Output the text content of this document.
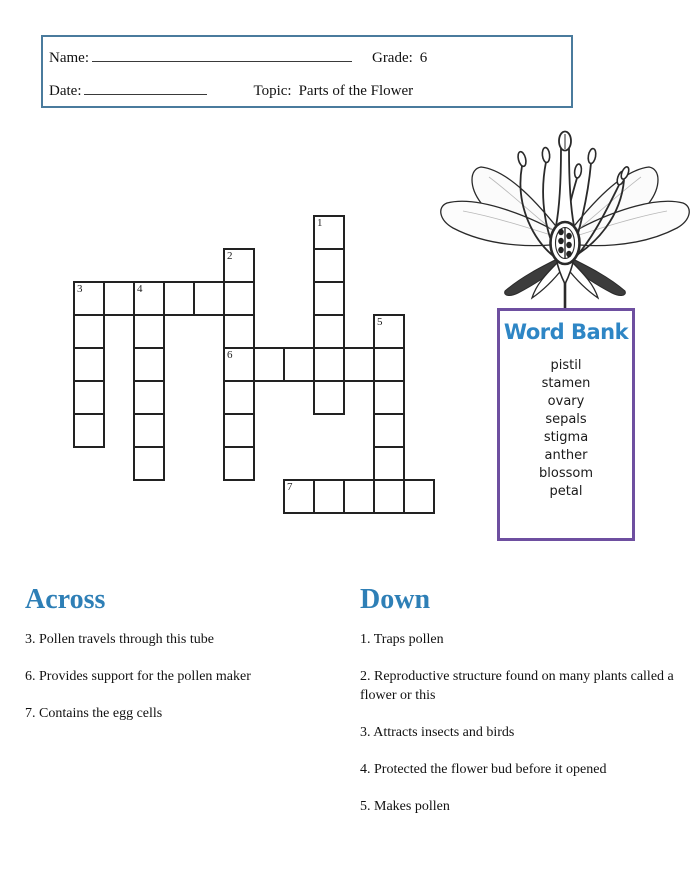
Name:	Grade: 6
Date:	Topic: Parts of the Flower
1
2
3	4
5
6
7
Word Bank
pistil
stamen
ovary
sepals
stigma
anther
blossom
petal
Across
3. Pollen travels through this tube
6. Provides support for the pollen maker
7. Contains the egg cells
Down
1. Traps pollen
2. Reproductive structure found on many plants called a flower or this
3. Attracts insects and birds
4. Protected the flower bud before it opened
5. Makes pollen
